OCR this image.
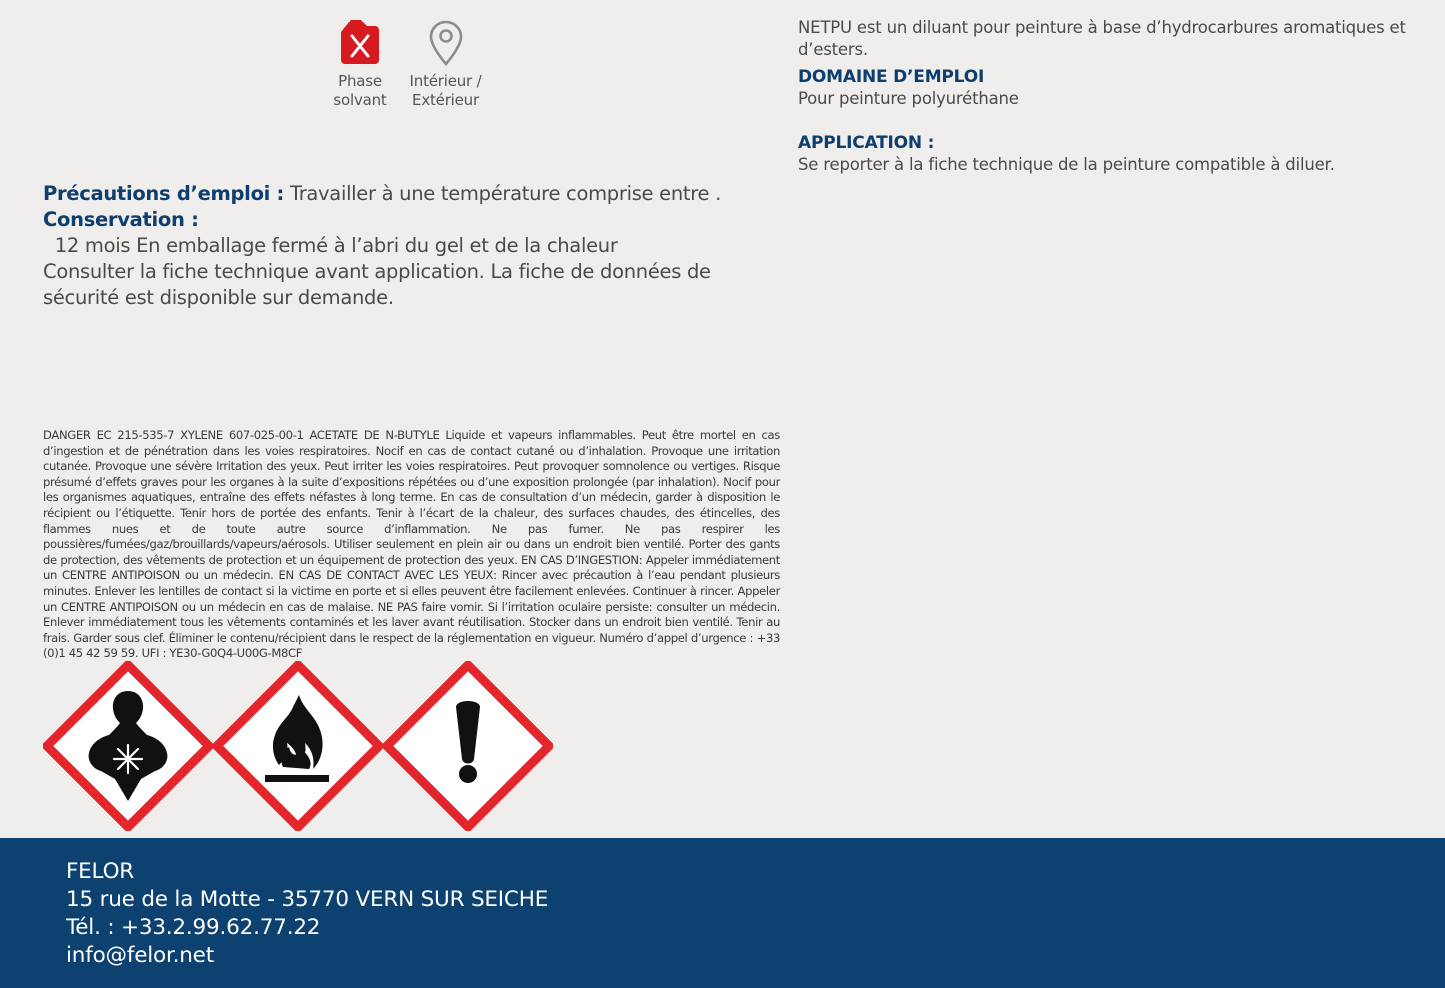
Phase
solvant
Intérieur /
Extérieur
NETPU est un diluant pour peinture à base d’hydrocarbures aromatiques et d’esters.
DOMAINE D’EMPLOI
Pour peinture polyuréthane
APPLICATION :
Se reporter à la fiche technique de la peinture compatible à diluer.
Précautions d’emploi : Travailler à une température comprise entre .
Conservation :  12 mois En emballage fermé à l’abri du gel et de la chaleur
Consulter la fiche technique avant application. La fiche de données de sécurité est disponible sur demande.
DANGER EC 215-535-7 XYLENE 607-025-00-1 ACETATE DE N-BUTYLE Liquide et vapeurs inflammables. Peut être mortel en cas d’ingestion et de pénétration dans les voies respiratoires. Nocif en cas de contact cutané ou d’inhalation. Provoque une irritation cutanée. Provoque une sévère Irritation des yeux. Peut irriter les voies respiratoires. Peut provoquer somnolence ou vertiges. Risque présumé d’effets graves pour les organes à la suite d’expositions répétées ou d’une exposition prolongée (par inhalation). Nocif pour les organismes aquatiques, entraîne des effets néfastes à long terme. En cas de consultation d’un médecin, garder à disposition le récipient ou l’étiquette. Tenir hors de portée des enfants. Tenir à l’écart de la chaleur, des surfaces chaudes, des étincelles, des flammes nues et de toute autre source d’inflammation. Ne pas fumer. Ne pas respirer les poussières/fumées/gaz/brouillards/vapeurs/aérosols. Utiliser seulement en plein air ou dans un endroit bien ventilé. Porter des gants de protection, des vêtements de protection et un équipement de protection des yeux. EN CAS D’INGESTION: Appeler immédiatement un CENTRE ANTIPOISON ou un médecin. EN CAS DE CONTACT AVEC LES YEUX: Rincer avec précaution à l’eau pendant plusieurs minutes. Enlever les lentilles de contact si la victime en porte et si elles peuvent être facilement enlevées. Continuer à rincer. Appeler un CENTRE ANTIPOISON ou un médecin en cas de malaise. NE PAS faire vomir. Si l’irritation oculaire persiste: consulter un médecin. Enlever immédiatement tous les vêtements contaminés et les laver avant réutilisation. Stocker dans un endroit bien ventilé. Tenir au frais. Garder sous clef. Éliminer le contenu/récipient dans le respect de la réglementation en vigueur. Numéro d’appel d’urgence : +33 (0)1 45 42 59 59. UFI : YE30-G0Q4-U00G-M8CF
FELOR
15 rue de la Motte - 35770 VERN SUR SEICHE
Tél. : +33.2.99.62.77.22
info@felor.net
